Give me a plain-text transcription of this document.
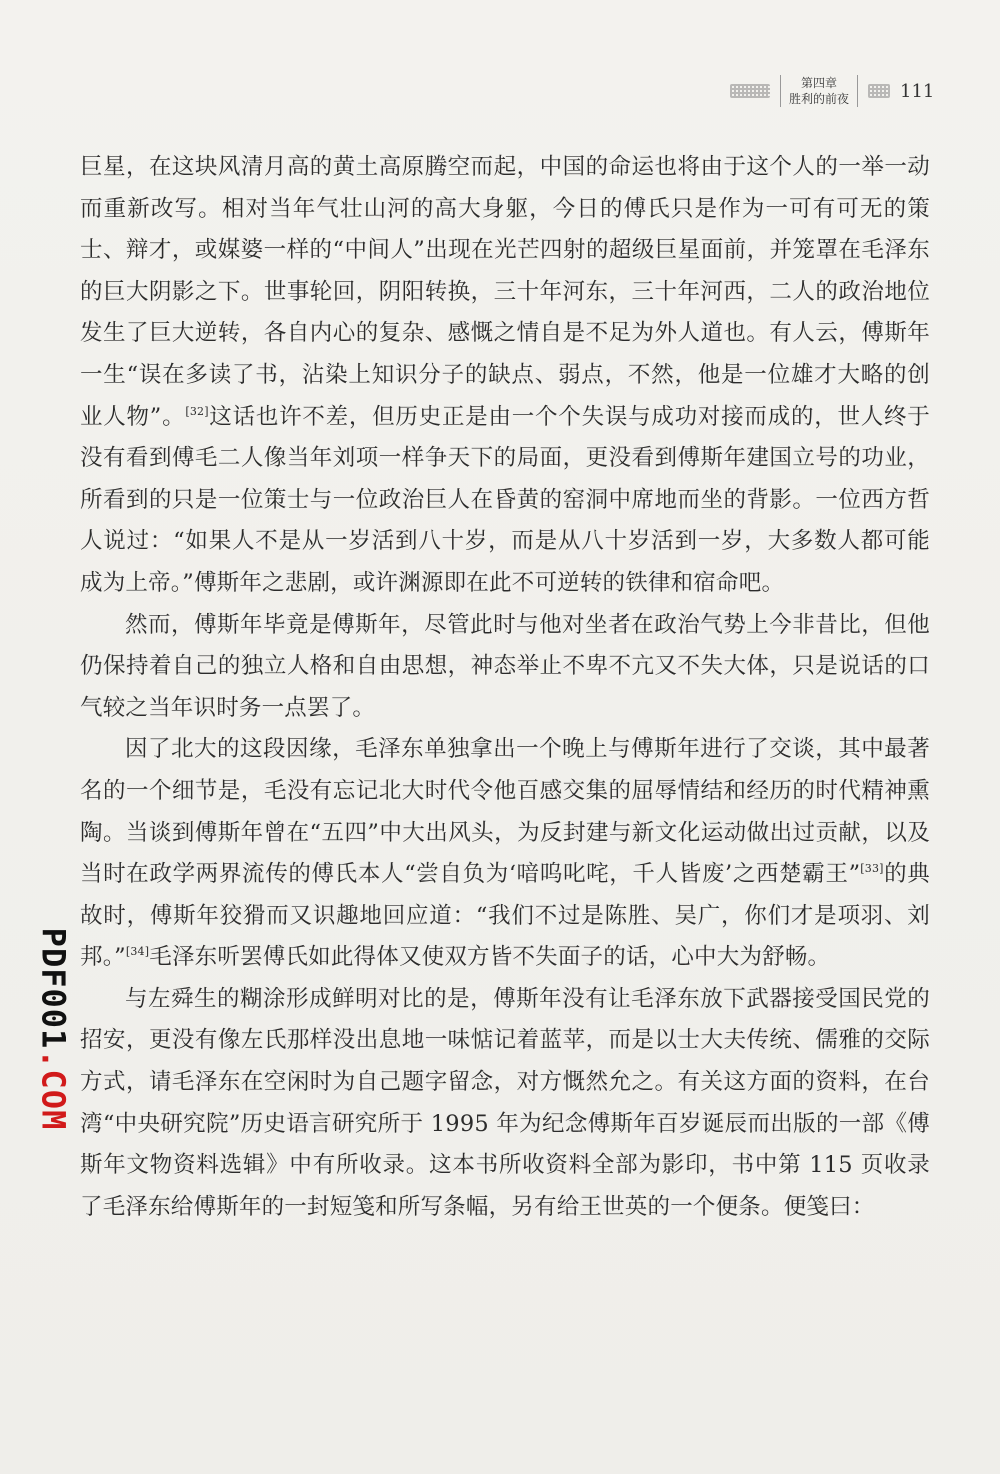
第四章
胜利的前夜	111

巨星，在这块风清月高的黄土高原腾空而起，中国的命运也将由于这个人的一举一动而重新改写。相对当年气壮山河的高大身躯，今日的傅氏只是作为一可有可无的策士、辩才，或媒婆一样的“中间人”出现在光芒四射的超级巨星面前，并笼罩在毛泽东的巨大阴影之下。世事轮回，阴阳转换，三十年河东，三十年河西，二人的政治地位发生了巨大逆转，各自内心的复杂、感慨之情自是不足为外人道也。有人云，傅斯年一生“误在多读了书，沾染上知识分子的缺点、弱点，不然，他是一位雄才大略的创业人物”。[32]这话也许不差，但历史正是由一个个失误与成功对接而成的，世人终于没有看到傅毛二人像当年刘项一样争天下的局面，更没看到傅斯年建国立号的功业，所看到的只是一位策士与一位政治巨人在昏黄的窑洞中席地而坐的背影。一位西方哲人说过：“如果人不是从一岁活到八十岁，而是从八十岁活到一岁，大多数人都可能成为上帝。”傅斯年之悲剧，或许渊源即在此不可逆转的铁律和宿命吧。

然而，傅斯年毕竟是傅斯年，尽管此时与他对坐者在政治气势上今非昔比，但他仍保持着自己的独立人格和自由思想，神态举止不卑不亢又不失大体，只是说话的口气较之当年识时务一点罢了。

因了北大的这段因缘，毛泽东单独拿出一个晚上与傅斯年进行了交谈，其中最著名的一个细节是，毛没有忘记北大时代令他百感交集的屈辱情结和经历的时代精神熏陶。当谈到傅斯年曾在“五四”中大出风头，为反封建与新文化运动做出过贡献，以及当时在政学两界流传的傅氏本人“尝自负为‘喑呜叱咤，千人皆废’之西楚霸王”[33]的典故时，傅斯年狡猾而又识趣地回应道：“我们不过是陈胜、吴广，你们才是项羽、刘邦。”[34]毛泽东听罢傅氏如此得体又使双方皆不失面子的话，心中大为舒畅。

与左舜生的糊涂形成鲜明对比的是，傅斯年没有让毛泽东放下武器接受国民党的招安，更没有像左氏那样没出息地一味惦记着蓝苹，而是以士大夫传统、儒雅的交际方式，请毛泽东在空闲时为自己题字留念，对方慨然允之。有关这方面的资料，在台湾“中央研究院”历史语言研究所于 1995 年为纪念傅斯年百岁诞辰而出版的一部《傅斯年文物资料选辑》中有所收录。这本书所收资料全部为影印，书中第 115 页收录了毛泽东给傅斯年的一封短笺和所写条幅，另有给王世英的一个便条。便笺曰：

PDF001.COM
